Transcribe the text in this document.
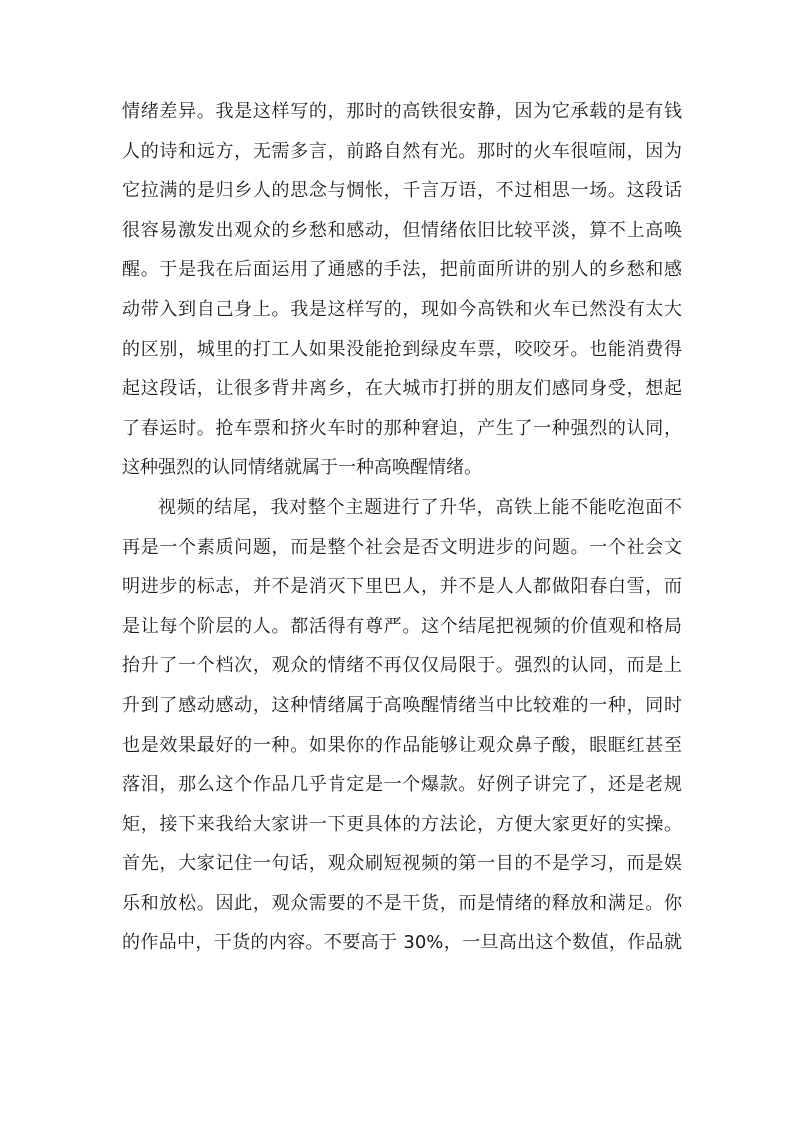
情绪差异。我是这样写的，那时的高铁很安静，因为它承载的是有钱
人的诗和远方，无需多言，前路自然有光。那时的火车很喧闹，因为
它拉满的是归乡人的思念与惆怅，千言万语，不过相思一场。这段话
很容易激发出观众的乡愁和感动，但情绪依旧比较平淡，算不上高唤
醒。于是我在后面运用了通感的手法，把前面所讲的别人的乡愁和感
动带入到自己身上。我是这样写的，现如今高铁和火车已然没有太大
的区别，城里的打工人如果没能抢到绿皮车票，咬咬牙。也能消费得
起这段话，让很多背井离乡，在大城市打拼的朋友们感同身受，想起
了春运时。抢车票和挤火车时的那种窘迫，产生了一种强烈的认同，
这种强烈的认同情绪就属于一种高唤醒情绪。
视频的结尾，我对整个主题进行了升华，高铁上能不能吃泡面不
再是一个素质问题，而是整个社会是否文明进步的问题。一个社会文
明进步的标志，并不是消灭下里巴人，并不是人人都做阳春白雪，而
是让每个阶层的人。都活得有尊严。这个结尾把视频的价值观和格局
抬升了一个档次，观众的情绪不再仅仅局限于。强烈的认同，而是上
升到了感动感动，这种情绪属于高唤醒情绪当中比较难的一种，同时
也是效果最好的一种。如果你的作品能够让观众鼻子酸，眼眶红甚至
落泪，那么这个作品几乎肯定是一个爆款。好例子讲完了，还是老规
矩，接下来我给大家讲一下更具体的方法论，方便大家更好的实操。
首先，大家记住一句话，观众刷短视频的第一目的不是学习，而是娱
乐和放松。因此，观众需要的不是干货，而是情绪的释放和满足。你
的作品中，干货的内容。不要高于 30%，一旦高出这个数值，作品就
